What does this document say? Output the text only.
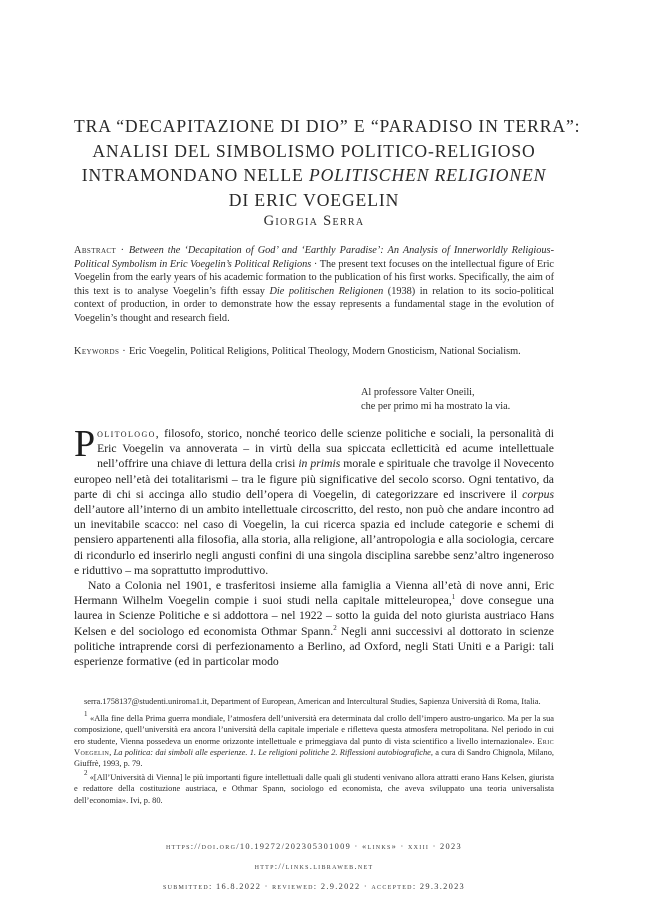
TRA “DECAPITAZIONE DI DIO” E “PARADISO IN TERRA”:
ANALISI DEL SIMBOLISMO POLITICO-RELIGIOSO
INTRAMONDANO NELLE POLITISCHEN RELIGIONEN
DI ERIC VOEGELIN
Giorgia Serra
Abstract · Between the ‘Decapitation of God’ and ‘Earthly Paradise’: An Analysis of Innerworldly Religious-Political Symbolism in Eric Voegelin’s Political Religions · The present text focuses on the intellectual figure of Eric Voegelin from the early years of his academic formation to the publication of his first works. Specifically, the aim of this text is to analyse Voegelin’s fifth essay Die politischen Religionen (1938) in relation to its socio-political context of production, in order to demonstrate how the essay represents a fundamental stage in the evolution of Voegelin’s thought and research field.
Keywords · Eric Voegelin, Political Religions, Political Theology, Modern Gnosticism, National Socialism.
Al professore Valter Oneili,
che per primo mi ha mostrato la via.

Politologo, filosofo, storico, nonché teorico delle scienze politiche e sociali, la personalità di Eric Voegelin va annoverata – in virtù della sua spiccata eclletticità ed acume intellettuale nell’offrire una chiave di lettura della crisi in primis morale e spirituale che travolge il Novecento europeo nell’età dei totalitarismi – tra le figure più significative del secolo scorso. Ogni tentativo, da parte di chi si accinga allo studio dell’opera di Voegelin, di categorizzare ed inscrivere il corpus dell’autore all’interno di un ambito intellettuale circoscritto, del resto, non può che andare incontro ad un inevitabile scacco: nel caso di Voegelin, la cui ricerca spazia ed include categorie e schemi di pensiero appartenenti alla filosofia, alla storia, alla religione, all’antropologia e alla sociologia, cercare di ricondurlo ed inserirlo negli angusti confini di una singola disciplina sarebbe senz’altro ingeneroso e riduttivo – ma soprattutto improduttivo.

Nato a Colonia nel 1901, e trasferitosi insieme alla famiglia a Vienna all’età di nove anni, Eric Hermann Wilhelm Voegelin compie i suoi studi nella capitale mitteleuropea,$^1$ dove consegue una laurea in Scienze Politiche e si addottora – nel 1922 – sotto la guida del noto giurista austriaco Hans Kelsen e del sociologo ed economista Othmar Spann.$^2$ Negli anni successivi al dottorato in scienze politiche intraprende corsi di perfezionamento a Berlino, ad Oxford, negli Stati Uniti e a Parigi: tali esperienze formative (ed in particolar modo

serra.1758137@studenti.uniroma1.it, Department of European, American and Intercultural Studies, Sapienza Università di Roma, Italia.

$^1$ «Alla fine della Prima guerra mondiale, l’atmosfera dell’università era determinata dal crollo dell’impero austro-ungarico. Ma per la sua composizione, quell’università era ancora l’università della capitale imperiale e rifletteva questa atmosfera metropolitana. Nel periodo in cui ero studente, Vienna possedeva un enorme orizzonte intellettuale e primeggiava dal punto di vista scientifico a livello internazionale». Eric Voegelin, La politica: dai simboli alle esperienze. 1. Le religioni politiche 2. Riflessioni autobiografiche, a cura di Sandro Chignola, Milano, Giuffrè, 1993, p. 79.

$^2$ «[All’Università di Vienna] le più importanti figure intellettuali dalle quali gli studenti venivano allora attratti erano Hans Kelsen, giurista e redattore della costituzione austriaca, e Othmar Spann, sociologo ed economista, che aveva sviluppato una teoria universalista dell’economia». Ivi, p. 80.

https://doi.org/10.19272/202305301009 · «links» · xxiii · 2023
http://links.libraweb.net
submitted: 16.8.2022 · reviewed: 2.9.2022 · accepted: 29.3.2023
